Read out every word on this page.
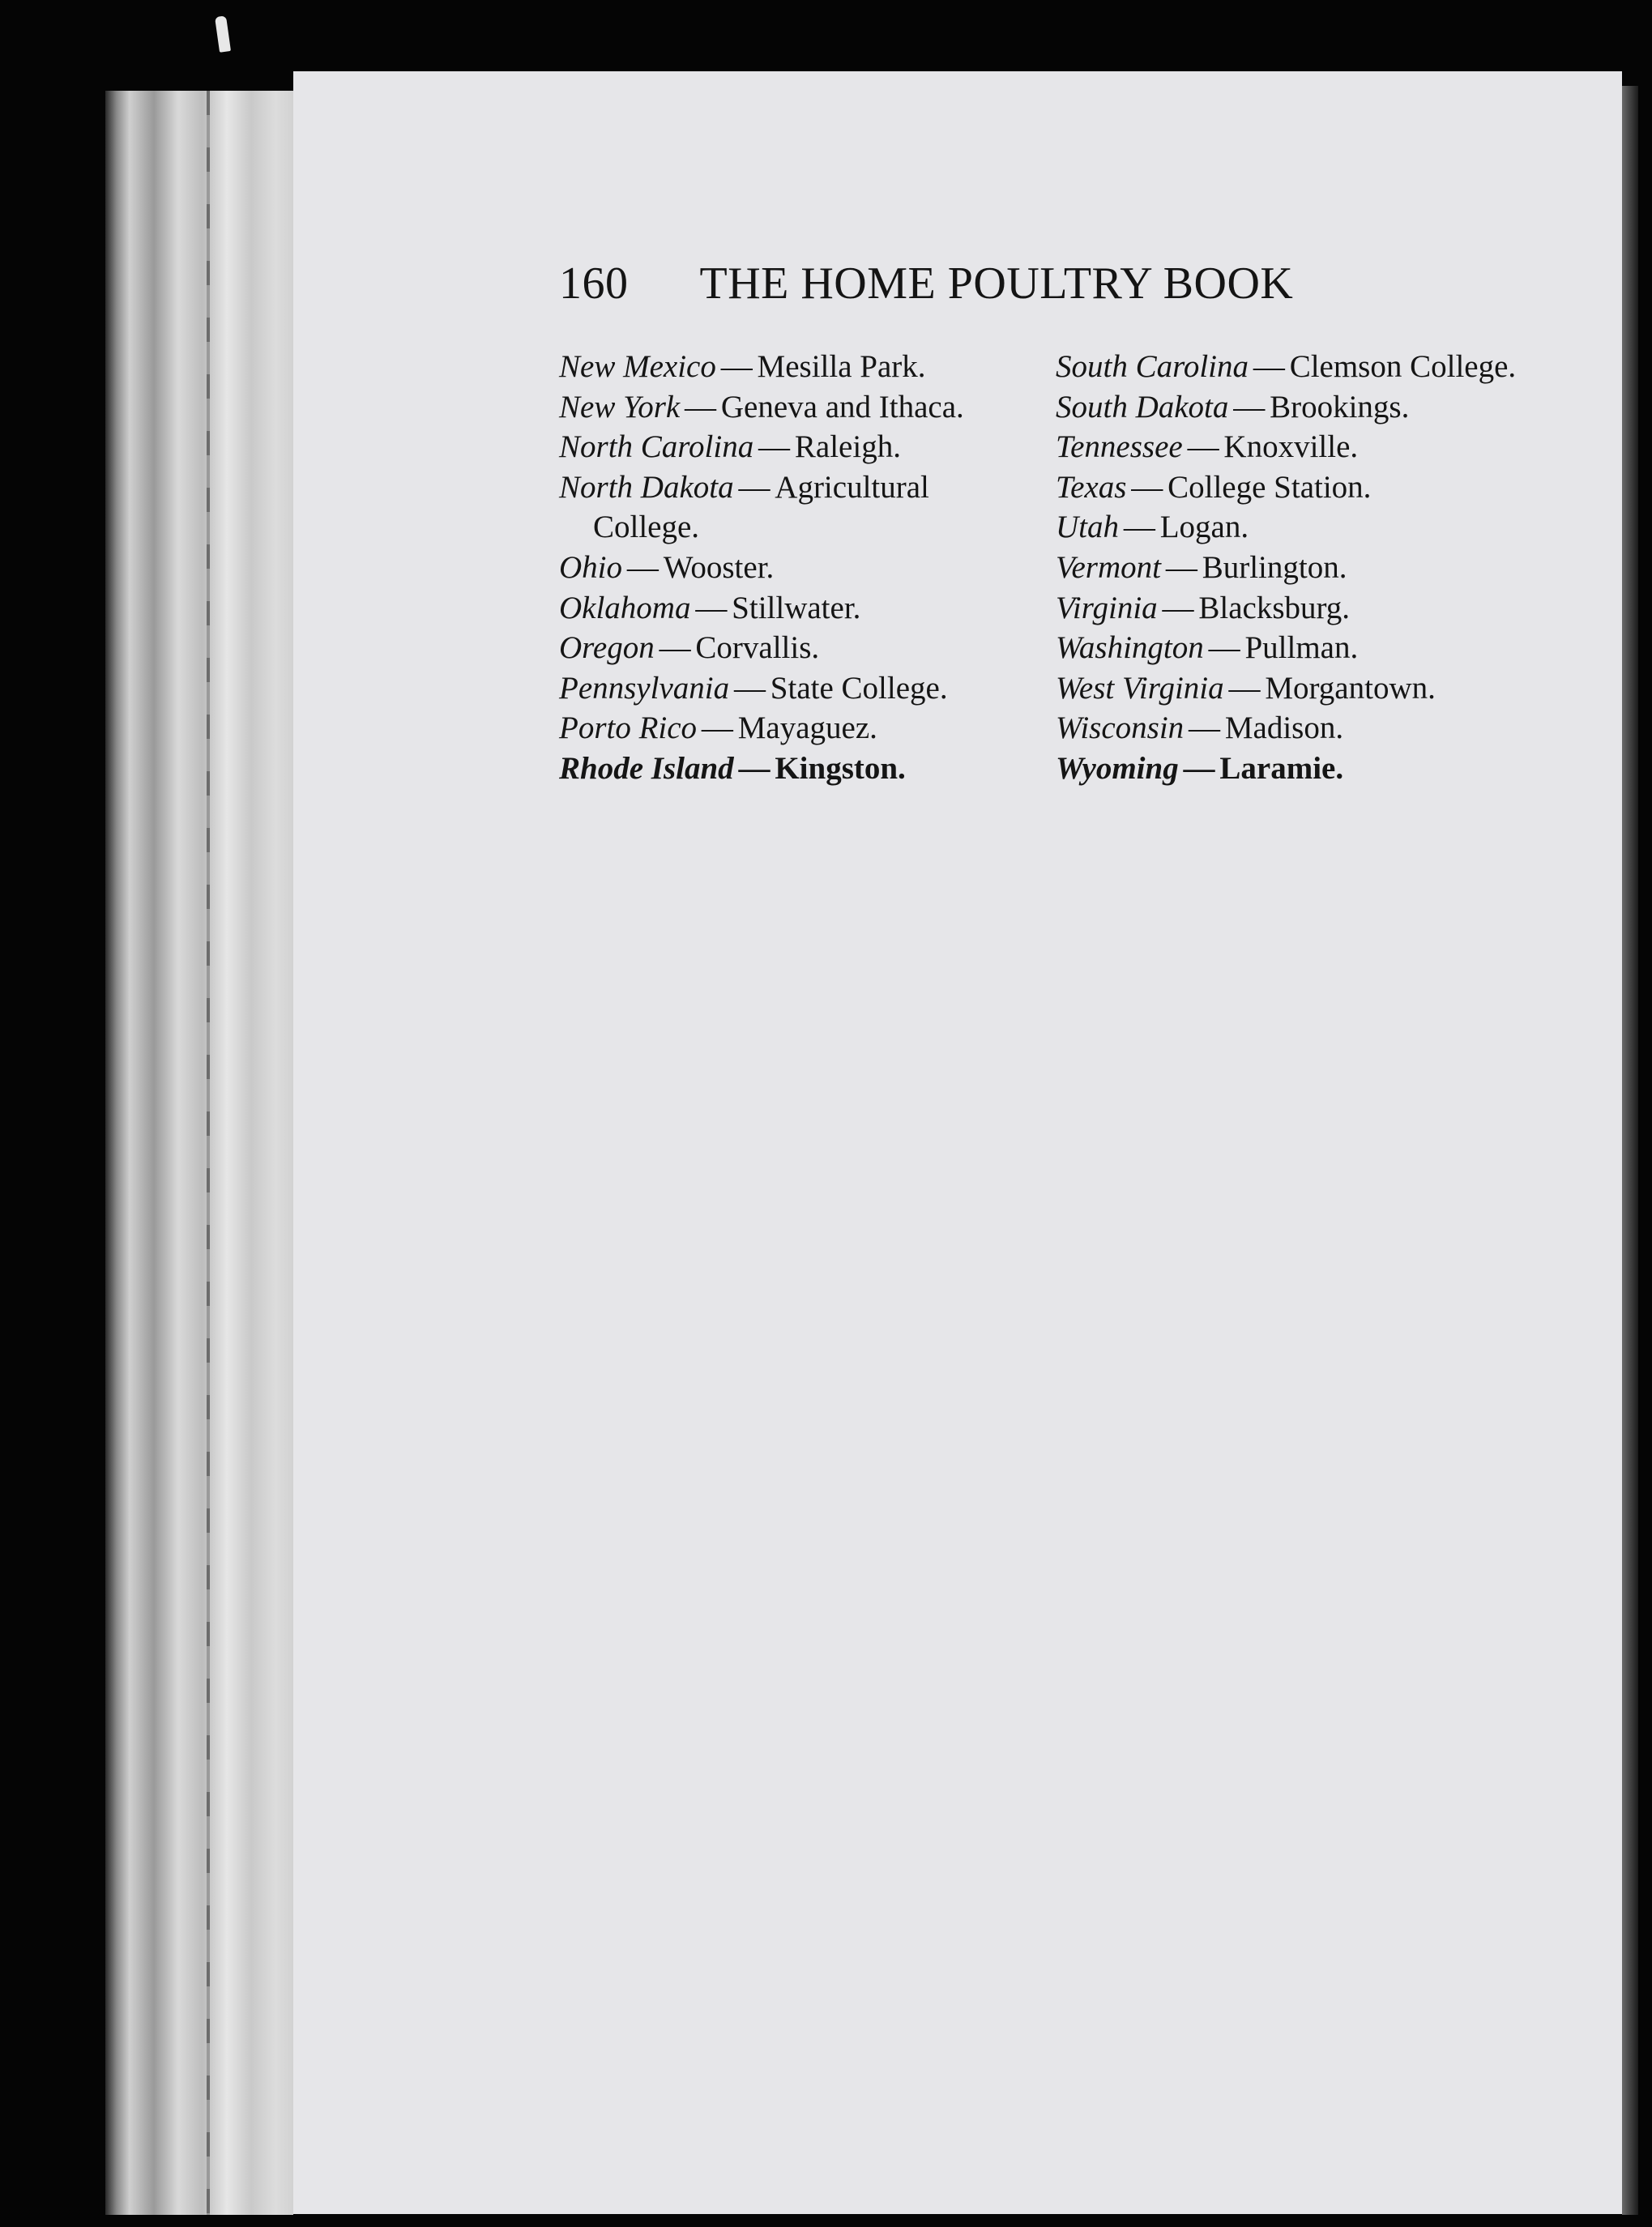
160 THE HOME POULTRY BOOK
New Mexico — Mesilla Park.
New York — Geneva and Ithaca.
North Carolina — Raleigh.
North Dakota — Agricultural College.
Ohio — Wooster.
Oklahoma — Stillwater.
Oregon — Corvallis.
Pennsylvania — State College.
Porto Rico — Mayaguez.
Rhode Island — Kingston.
South Carolina — Clemson College.
South Dakota — Brookings.
Tennessee — Knoxville.
Texas — College Station.
Utah — Logan.
Vermont — Burlington.
Virginia — Blacksburg.
Washington — Pullman.
West Virginia — Morgantown.
Wisconsin — Madison.
Wyoming — Laramie.
